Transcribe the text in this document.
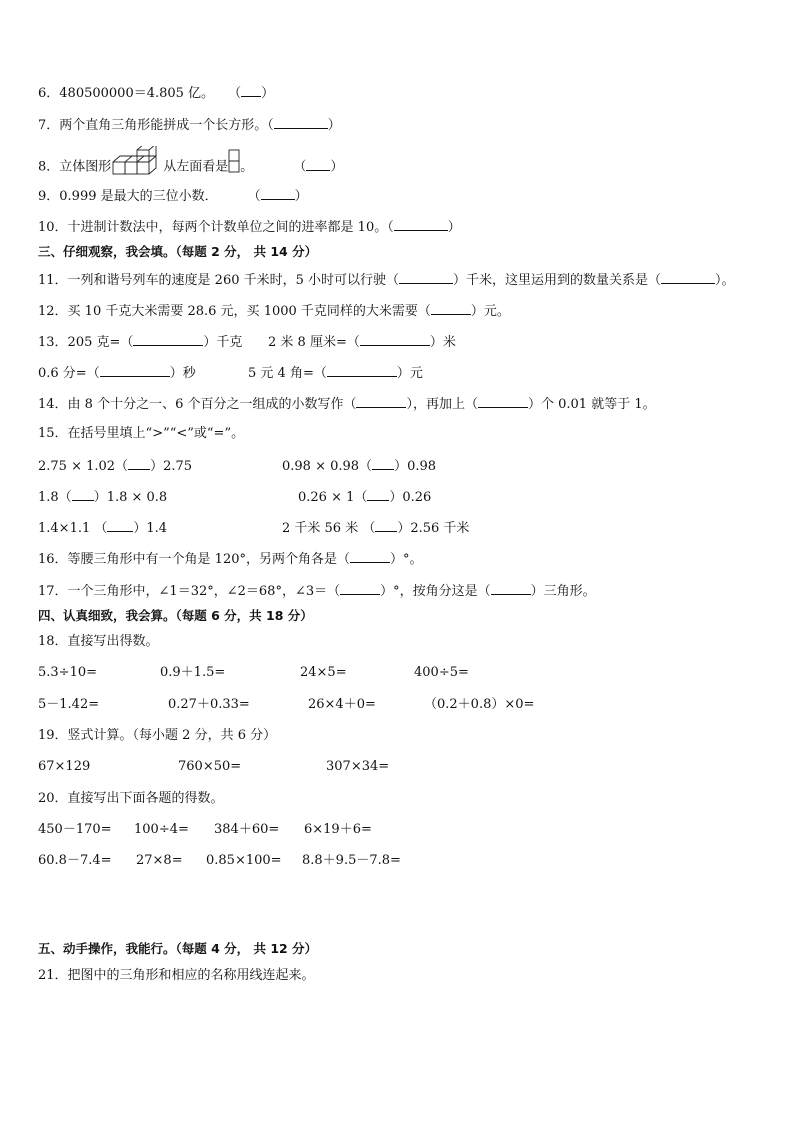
6．480500000＝4.805 亿。 （ ）
7．两个直角三角形能拼成一个长方形。（	）
8．立体图形	从左面看是 。	（ ）
9．0.999 是最大的三位小数． （	）
10．十进制计数法中，每两个计数单位之间的进率都是 10。（	）
三、仔细观察，我会填。（每题 2 分， 共 14 分）
11．一列和谐号列车的速度是 260 千米时，5 小时可以行驶（	）千米，这里运用到的数量关系是（	）。
12．买 10 千克大米需要 28.6 元，买 1000 千克同样的大米需要（	）元。
13．205 克=（	）千克 2 米 8 厘米=（	）米
0.6 分=（	）秒	5 元 4 角=（	）元
14．由 8 个十分之一、6 个百分之一组成的小数写作（	），再加上（	）个 0.01 就等于 1。
15．在括号里填上“>”“<”或“=”。
2.75 × 1.02（ ）2.75	0.98 × 0.98（ ）0.98
1.8（ ）1.8 × 0.8	0.26 × 1（ ）0.26
1.4×1.1 （ ）1.4	2 千米 56 米 （ ）2.56 千米
16．等腰三角形中有一个角是 120°，另两个角各是（	）°。
17．一个三角形中，∠1＝32°，∠2＝68°，∠3＝（	）°，按角分这是（	）三角形。
四、认真细致，我会算。（每题 6 分，共 18 分）
18．直接写出得数。
5.3÷10=	0.9＋1.5=	24×5=	400÷5=
5－1.42=	0.27＋0.33=	26×4＋0=	（0.2＋0.8）×0=
19．竖式计算。（每小题 2 分，共 6 分）
67×129	760×50=	307×34=
20．直接写出下面各题的得数。
450－170= 100÷4= 384＋60= 6×19＋6=
60.8－7.4= 27×8= 0.85×100= 8.8＋9.5－7.8=
五、动手操作，我能行。（每题 4 分， 共 12 分）
21．把图中的三角形和相应的名称用线连起来。
